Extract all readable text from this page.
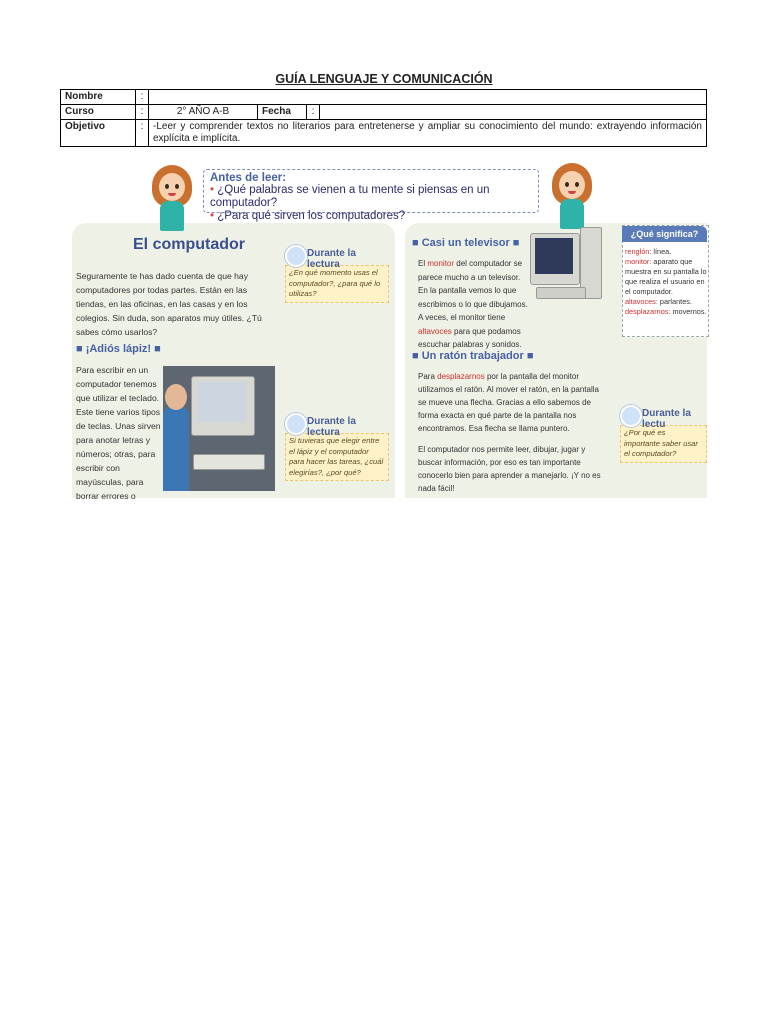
GUÍA LENGUAJE Y COMUNICACIÓN
Nombre	:				
Curso	:	2° AÑO A-B	Fecha	:	
Objetivo	:	-Leer y comprender textos no literarios para entretenerse y ampliar su conocimiento del mundo: extrayendo información explícita e implícita.			
Antes de leer:
• ¿Qué palabras se vienen a tu mente si piensas en un computador?
• ¿Para qué sirven los computadores?
El computador
Seguramente te has dado cuenta de que hay computadores por todas partes. Están en las tiendas, en las oficinas, en las casas y en los colegios. Sin duda, son aparatos muy útiles. ¿Tú sabes cómo usarlos?
Durante la lectura
¿En qué momento usas el computador?, ¿para qué lo utilizas?
■ ¡Adiós lápiz! ■
Para escribir en un computador tenemos que utilizar el teclado. Este tiene varios tipos de teclas. Unas sirven para anotar letras y números; otras, para escribir con mayúsculas, para borrar errores o
Durante la lectura
Si tuvieras que elegir entre el lápiz y el computador para hacer las tareas, ¿cuál elegirías?, ¿por qué?
■ Casi un televisor ■
El monitor del computador se parece mucho a un televisor. En la pantalla vemos lo que escribimos o lo que dibujamos. A veces, el monitor tiene altavoces para que podamos escuchar palabras y sonidos.
■ Un ratón trabajador ■
Para desplazarnos por la pantalla del monitor utilizamos el ratón. Al mover el ratón, en la pantalla se mueve una flecha. Gracias a ello sabemos de forma exacta en qué parte de la pantalla nos encontramos. Esa flecha se llama puntero.
El computador nos permite leer, dibujar, jugar y buscar información, por eso es tan importante conocerlo bien para aprender a manejarlo. ¡Y no es nada fácil!
Durante la lectu
¿Por qué es importante saber usar el computador?
¿Qué significa?
renglón: línea.
monitor: aparato que muestra en su pantalla lo que realiza el usuario en el computador.
altavoces: parlantes.
desplazarnos: movernos.
